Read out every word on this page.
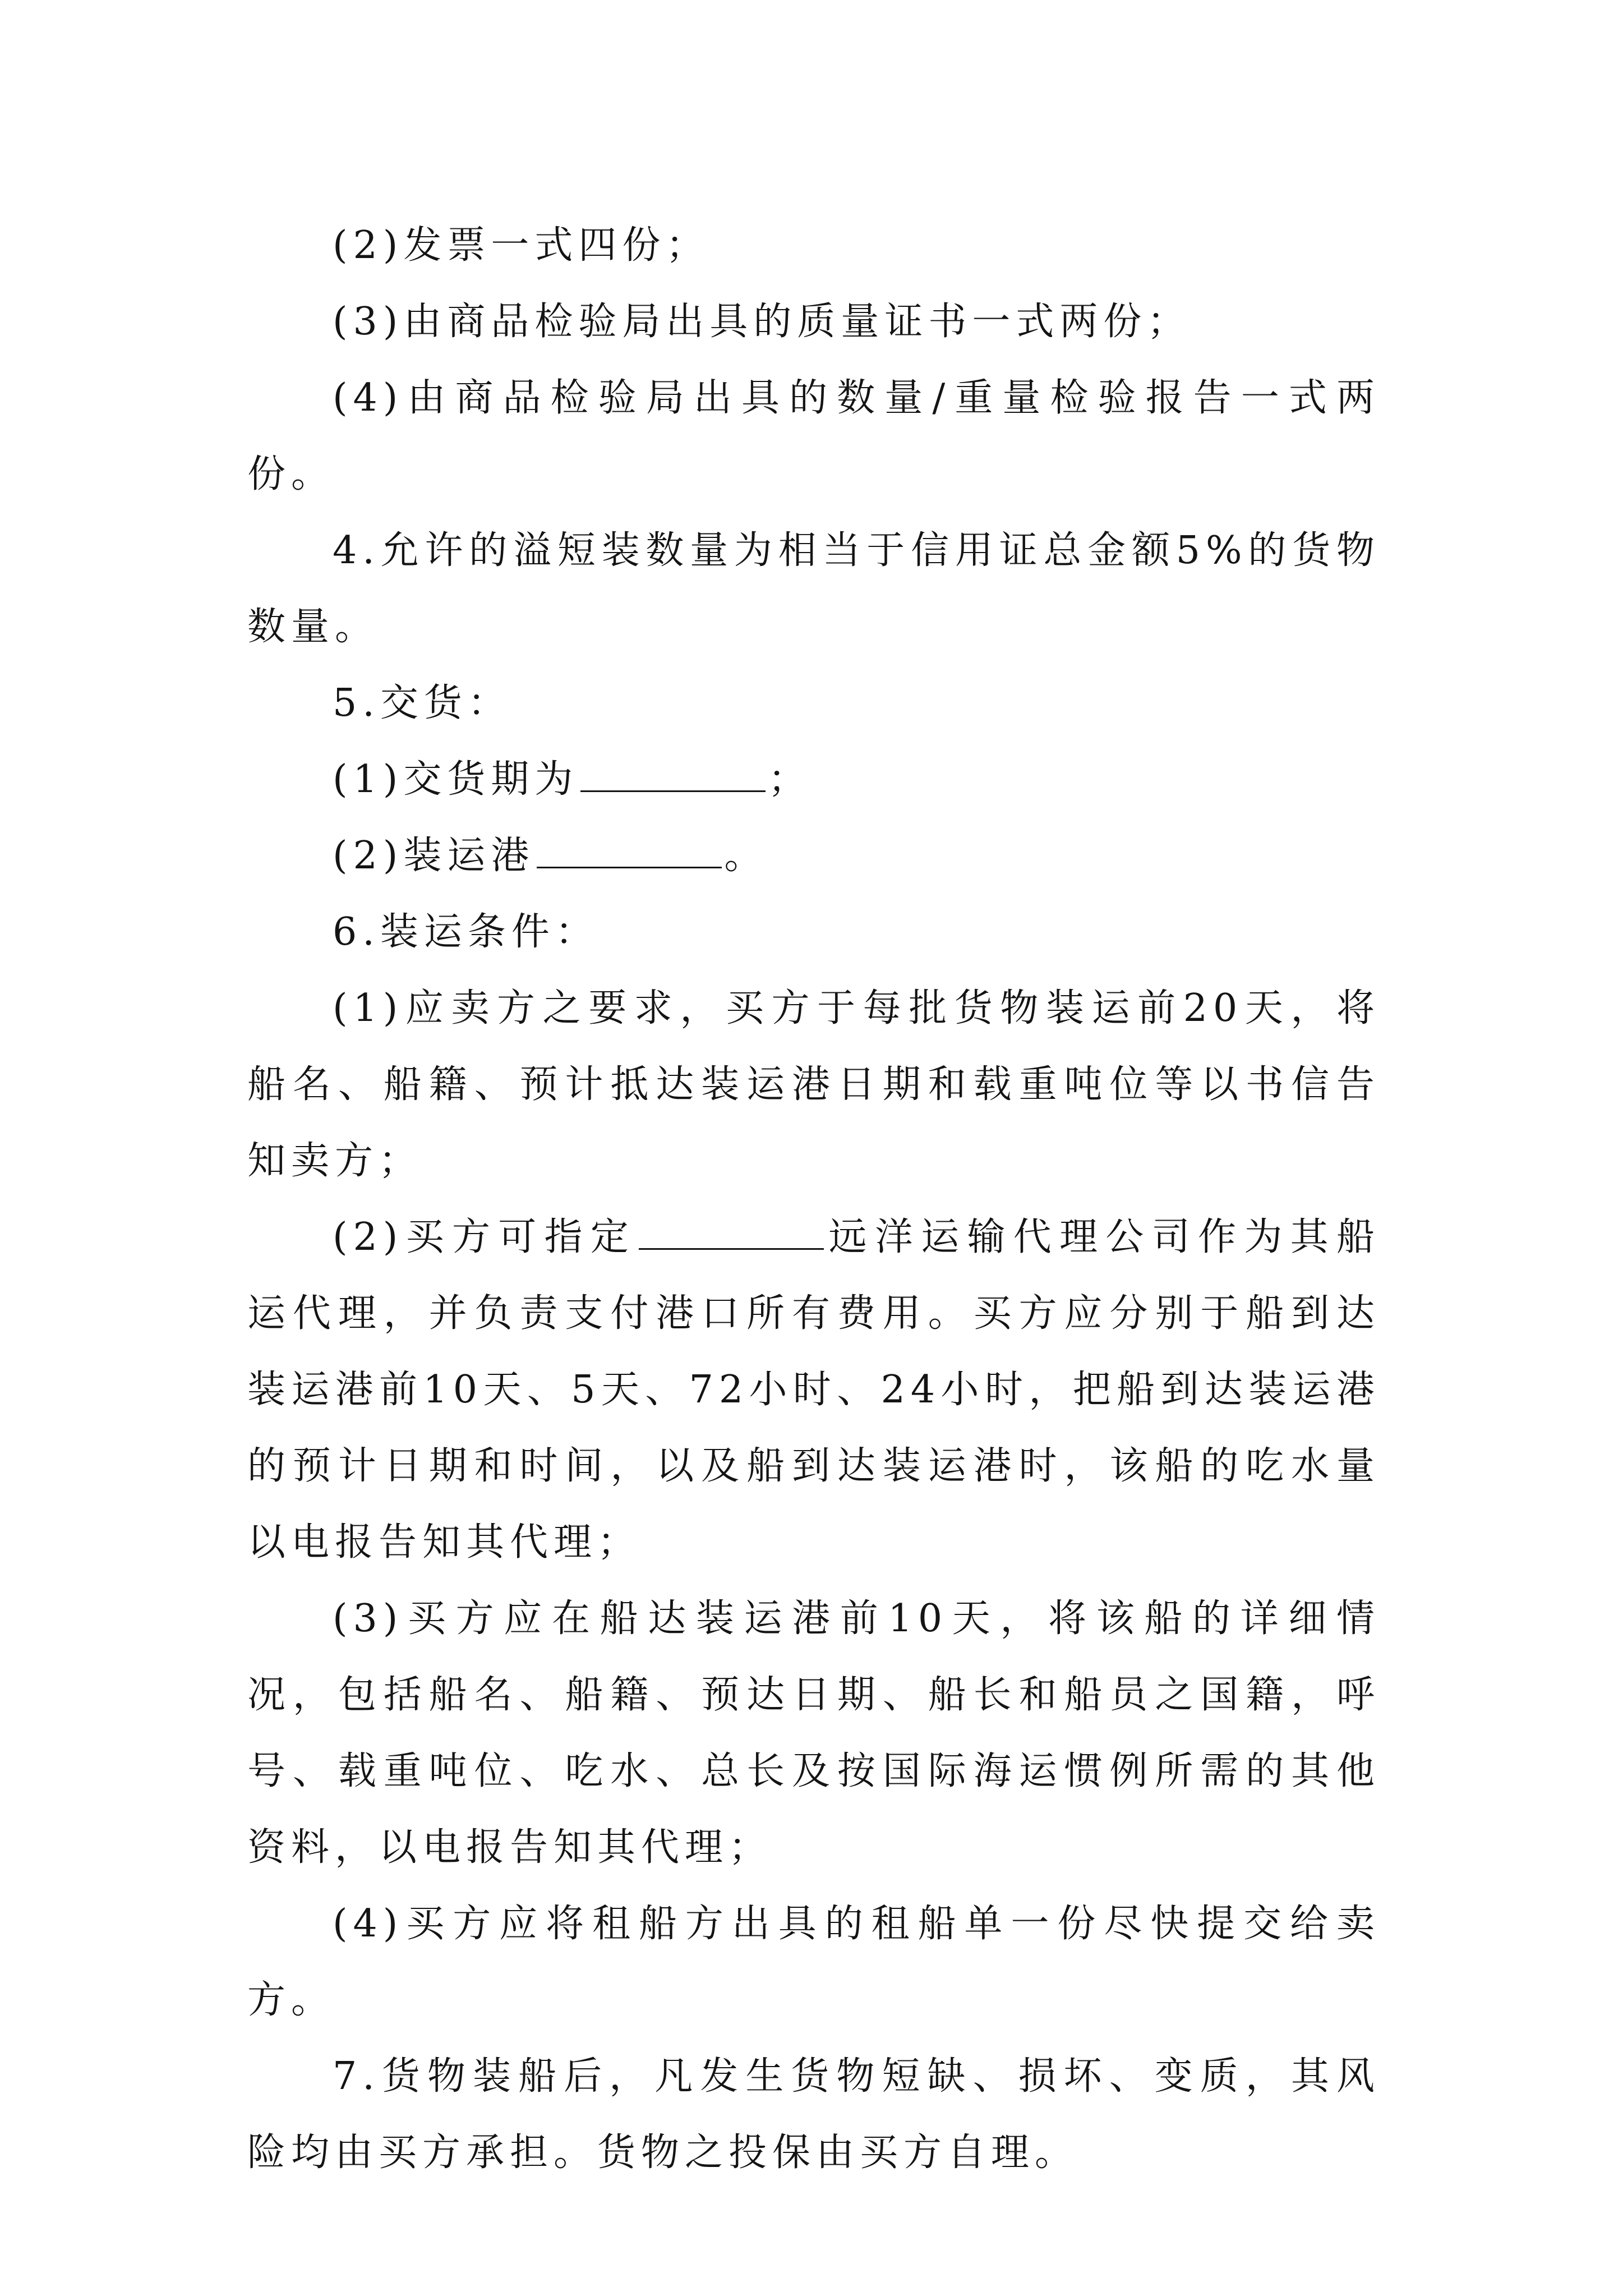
(2)发票一式四份；

(3)由商品检验局出具的质量证书一式两份；

(4)由商品检验局出具的数量/重量检验报告一式两份。

4.允许的溢短装数量为相当于信用证总金额5%的货物数量。

5.交货：

(1)交货期为	；

(2)装运港	。

6.装运条件：

(1)应卖方之要求，买方于每批货物装运前20天，将船名、船籍、预计抵达装运港日期和载重吨位等以书信告知卖方；

(2)买方可指定	远洋运输代理公司作为其船运代理，并负责支付港口所有费用。买方应分别于船到达装运港前10天、5天、72小时、24小时，把船到达装运港的预计日期和时间，以及船到达装运港时，该船的吃水量以电报告知其代理；

(3)买方应在船达装运港前10天，将该船的详细情况，包括船名、船籍、预达日期、船长和船员之国籍，呼号、载重吨位、吃水、总长及按国际海运惯例所需的其他资料，以电报告知其代理；

(4)买方应将租船方出具的租船单一份尽快提交给卖方。

7.货物装船后，凡发生货物短缺、损坏、变质，其风险均由买方承担。货物之投保由买方自理。
